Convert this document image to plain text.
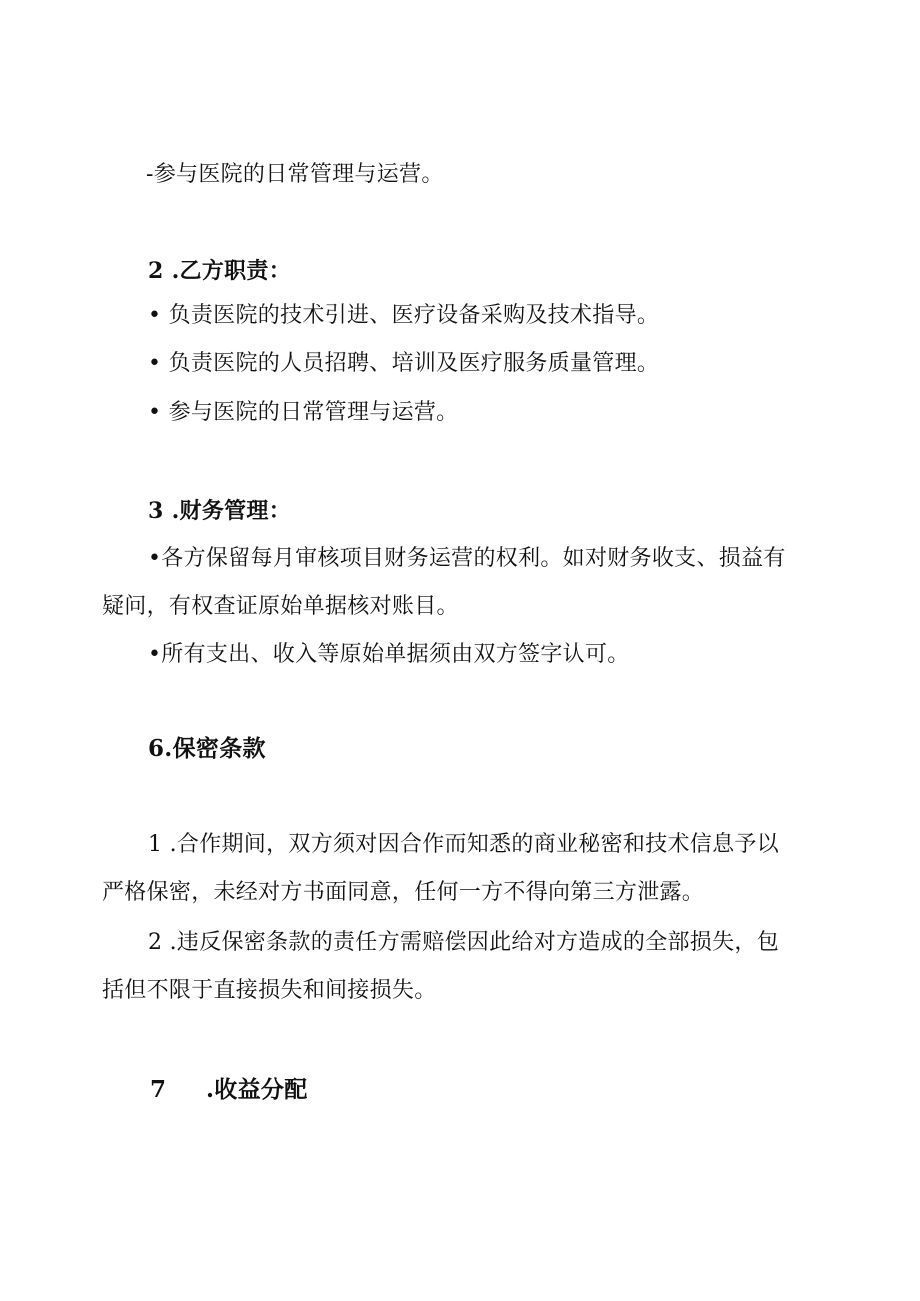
-参与医院的日常管理与运营。
2 .乙方职责：
• 负责医院的技术引进、医疗设备采购及技术指导。
• 负责医院的人员招聘、培训及医疗服务质量管理。
• 参与医院的日常管理与运营。
3 .财务管理：
•各方保留每月审核项目财务运营的权利。如对财务收支、损益有
疑问，有权查证原始单据核对账目。
•所有支出、收入等原始单据须由双方签字认可。
6.保密条款
1 .合作期间，双方须对因合作而知悉的商业秘密和技术信息予以
严格保密，未经对方书面同意，任何一方不得向第三方泄露。
2 .违反保密条款的责任方需赔偿因此给对方造成的全部损失，包
括但不限于直接损失和间接损失。
7 .收益分配
